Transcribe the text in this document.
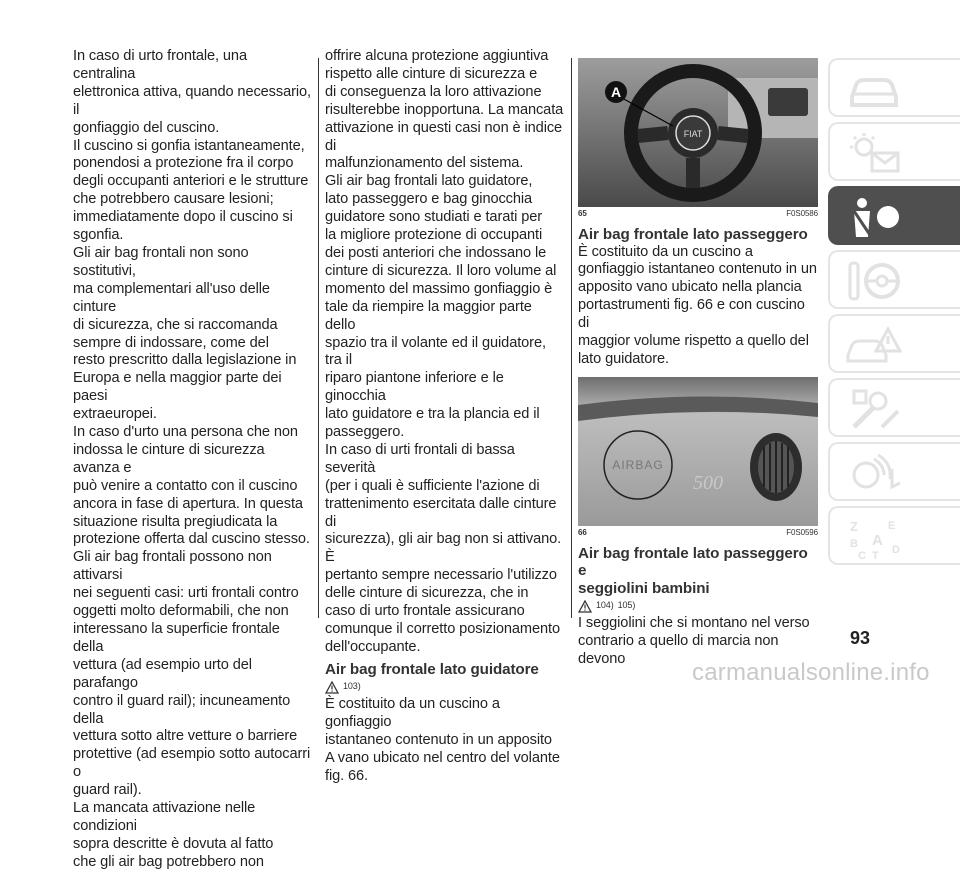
In caso di urto frontale, una centralina
elettronica attiva, quando necessario, il
gonfiaggio del cuscino.

Il cuscino si gonfia istantaneamente,
ponendosi a protezione fra il corpo
degli occupanti anteriori e le strutture
che potrebbero causare lesioni;
immediatamente dopo il cuscino si
sgonfia.

Gli air bag frontali non sono sostitutivi,
ma complementari all'uso delle cinture
di sicurezza, che si raccomanda
sempre di indossare, come del
resto prescritto dalla legislazione in
Europa e nella maggior parte dei paesi
extraeuropei.

In caso d'urto una persona che non
indossa le cinture di sicurezza avanza e
può venire a contatto con il cuscino
ancora in fase di apertura. In questa
situazione risulta pregiudicata la
protezione offerta dal cuscino stesso.

Gli air bag frontali possono non attivarsi
nei seguenti casi: urti frontali contro
oggetti molto deformabili, che non
interessano la superficie frontale della
vettura (ad esempio urto del parafango
contro il guard rail); incuneamento della
vettura sotto altre vetture o barriere
protettive (ad esempio sotto autocarri o
guard rail).

La mancata attivazione nelle condizioni
sopra descritte è dovuta al fatto
che gli air bag potrebbero non

offrire alcuna protezione aggiuntiva
rispetto alle cinture di sicurezza e
di conseguenza la loro attivazione
risulterebbe inopportuna. La mancata
attivazione in questi casi non è indice di
malfunzionamento del sistema.

Gli air bag frontali lato guidatore,
lato passeggero e bag ginocchia
guidatore sono studiati e tarati per
la migliore protezione di occupanti
dei posti anteriori che indossano le
cinture di sicurezza. Il loro volume al
momento del massimo gonfiaggio è
tale da riempire la maggior parte dello
spazio tra il volante ed il guidatore, tra il
riparo piantone inferiore e le ginocchia
lato guidatore e tra la plancia ed il
passeggero.

In caso di urti frontali di bassa severità
(per i quali è sufficiente l'azione di
trattenimento esercitata dalle cinture di
sicurezza), gli air bag non si attivano. È
pertanto sempre necessario l'utilizzo
delle cinture di sicurezza, che in
caso di urto frontale assicurano
comunque il corretto posizionamento
dell'occupante.

Air bag frontale lato guidatore

103)

È costituito da un cuscino a gonfiaggio
istantaneo contenuto in un apposito
A vano ubicato nel centro del volante
fig. 66.

FIAT
A
65	F0S0586

Air bag frontale lato passeggero

È costituito da un cuscino a
gonfiaggio istantaneo contenuto in un
apposito vano ubicato nella plancia
portastrumenti fig. 66 e con cuscino di
maggior volume rispetto a quello del
lato guidatore.

AIRBAG
500
66	F0S0596

Air bag frontale lato passeggero e
seggiolini bambini

104) 105)

I seggiolini che si montano nel verso
contrario a quello di marcia non devono

Z	E
B A
C T D
93
carmanualsonline.info
